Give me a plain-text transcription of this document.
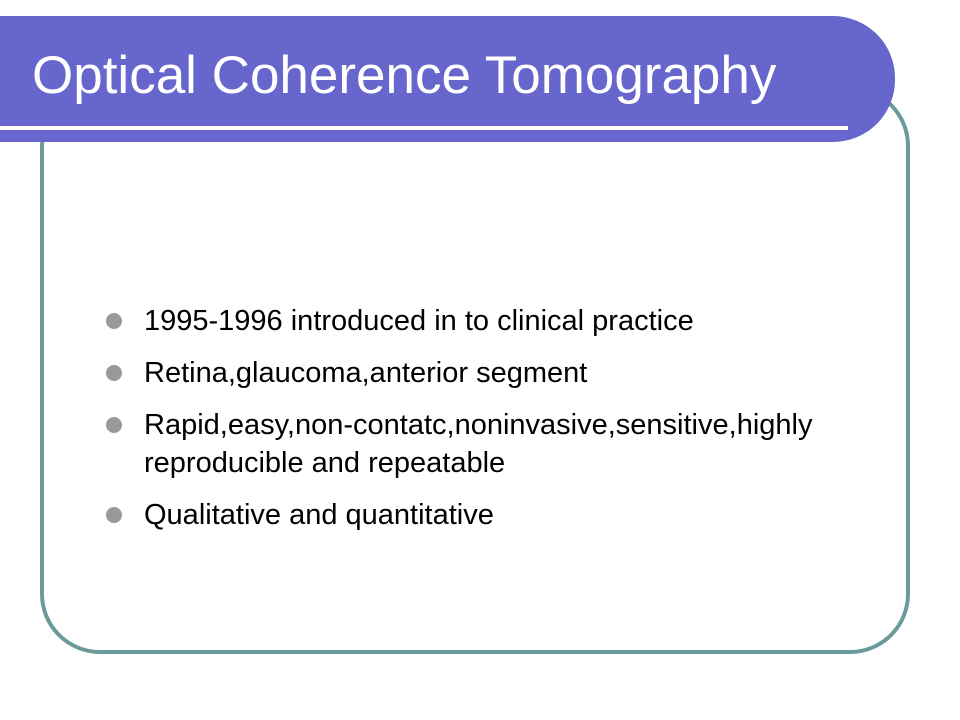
Optical Coherence Tomography
1995-1996 introduced in to clinical practice
Retina,glaucoma,anterior segment
Rapid,easy,non-contatc,noninvasive,sensitive,highly reproducible and repeatable
Qualitative and quantitative
